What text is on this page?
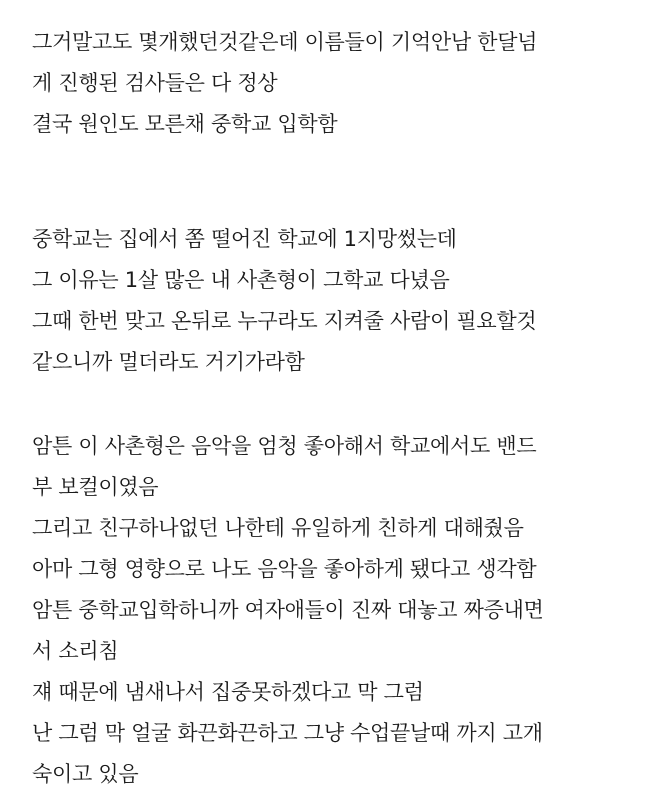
그거말고도 몇개했던것같은데 이름들이 기억안남 한달넘
게 진행된 검사들은 다 정상
결국 원인도 모른채 중학교 입학함
중학교는 집에서 쫌 떨어진 학교에 1지망썼는데
그 이유는 1살 많은 내 사촌형이 그학교 다녔음
그때 한번 맞고 온뒤로 누구라도 지켜줄 사람이 필요할것
같으니까 멀더라도 거기가라함
암튼 이 사촌형은 음악을 엄청 좋아해서 학교에서도 밴드
부 보컬이였음
그리고 친구하나없던 나한테 유일하게 친하게 대해줬음
아마 그형 영향으로 나도 음악을 좋아하게 됐다고 생각함
암튼 중학교입학하니까 여자애들이 진짜 대놓고 짜증내면
서 소리침
쟤 때문에 냄새나서 집중못하겠다고 막 그럼
난 그럼 막 얼굴 화끈화끈하고 그냥 수업끝날때 까지 고개
숙이고 있음
